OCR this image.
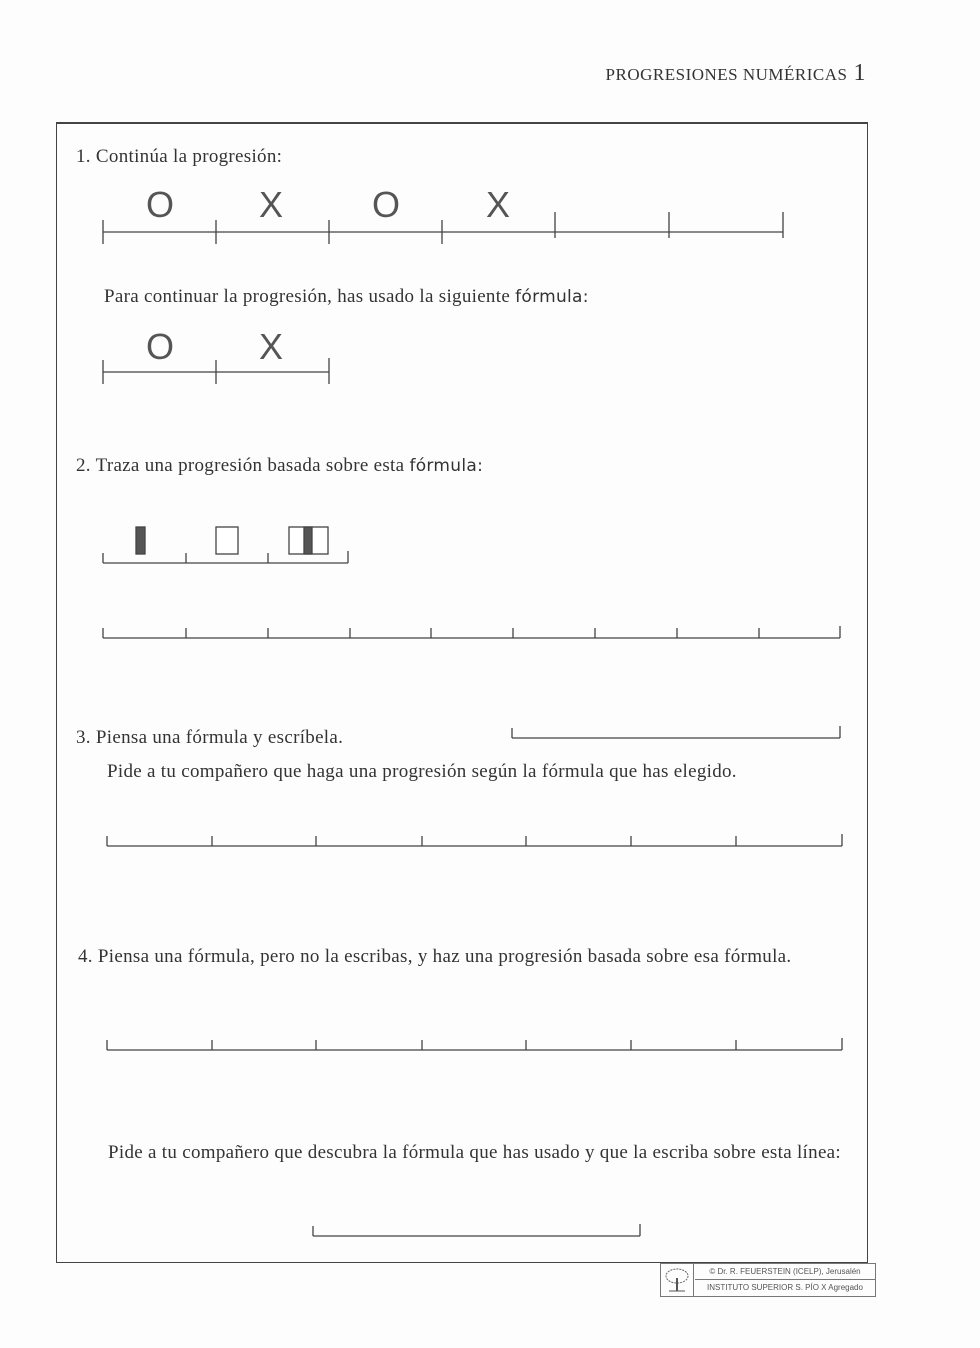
PROGRESIONES NUMÉRICAS 1
1. Continúa la progresión:
O X O X
Para continuar la progresión, has usado la siguiente fórmula:
O X
2. Traza una progresión basada sobre esta fórmula:
3. Piensa una fórmula y escríbela.
Pide a tu compañero que haga una progresión según la fórmula que has elegido.
4. Piensa una fórmula, pero no la escribas, y haz una progresión basada sobre esa fórmula.
Pide a tu compañero que descubra la fórmula que has usado y que la escriba sobre esta línea:
© Dr. R. FEUERSTEIN (ICELP), Jerusalén
INSTITUTO SUPERIOR S. PÍO X Agregado
